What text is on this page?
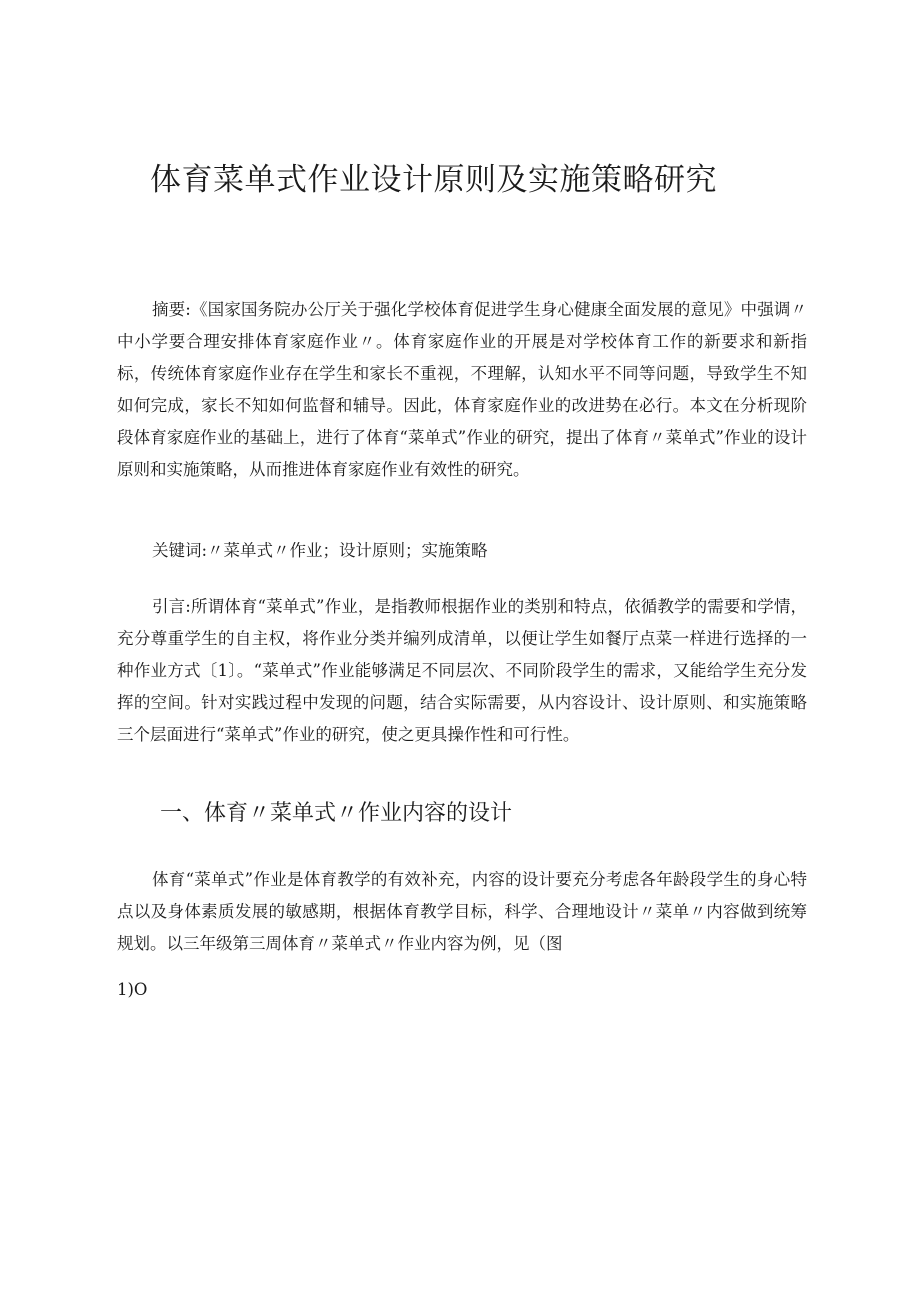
体育菜单式作业设计原则及实施策略研究

摘要:《国家国务院办公厅关于强化学校体育促进学生身心健康全面发展的意见》中强调〃中小学要合理安排体育家庭作业〃。体育家庭作业的开展是对学校体育工作的新要求和新指标，传统体育家庭作业存在学生和家长不重视，不理解，认知水平不同等问题，导致学生不知如何完成，家长不知如何监督和辅导。因此，体育家庭作业的改进势在必行。本文在分析现阶段体育家庭作业的基础上，进行了体育“菜单式”作业的研究，提出了体育〃菜单式”作业的设计原则和实施策略，从而推进体育家庭作业有效性的研究。

关键词:〃菜单式〃作业；设计原则；实施策略

引言:所谓体育“菜单式”作业，是指教师根据作业的类别和特点，依循教学的需要和学情，充分尊重学生的自主权，将作业分类并编列成清单，以便让学生如餐厅点菜一样进行选择的一种作业方式〔1〕。“菜单式”作业能够满足不同层次、不同阶段学生的需求，又能给学生充分发挥的空间。针对实践过程中发现的问题，结合实际需要，从内容设计、设计原则、和实施策略三个层面进行“菜单式”作业的研究，使之更具操作性和可行性。

一、体育〃菜单式〃作业内容的设计

体育“菜单式”作业是体育教学的有效补充，内容的设计要充分考虑各年龄段学生的身心特点以及身体素质发展的敏感期，根据体育教学目标，科学、合理地设计〃菜单〃内容做到统筹规划。以三年级第三周体育〃菜单式〃作业内容为例，见（图

1)O
